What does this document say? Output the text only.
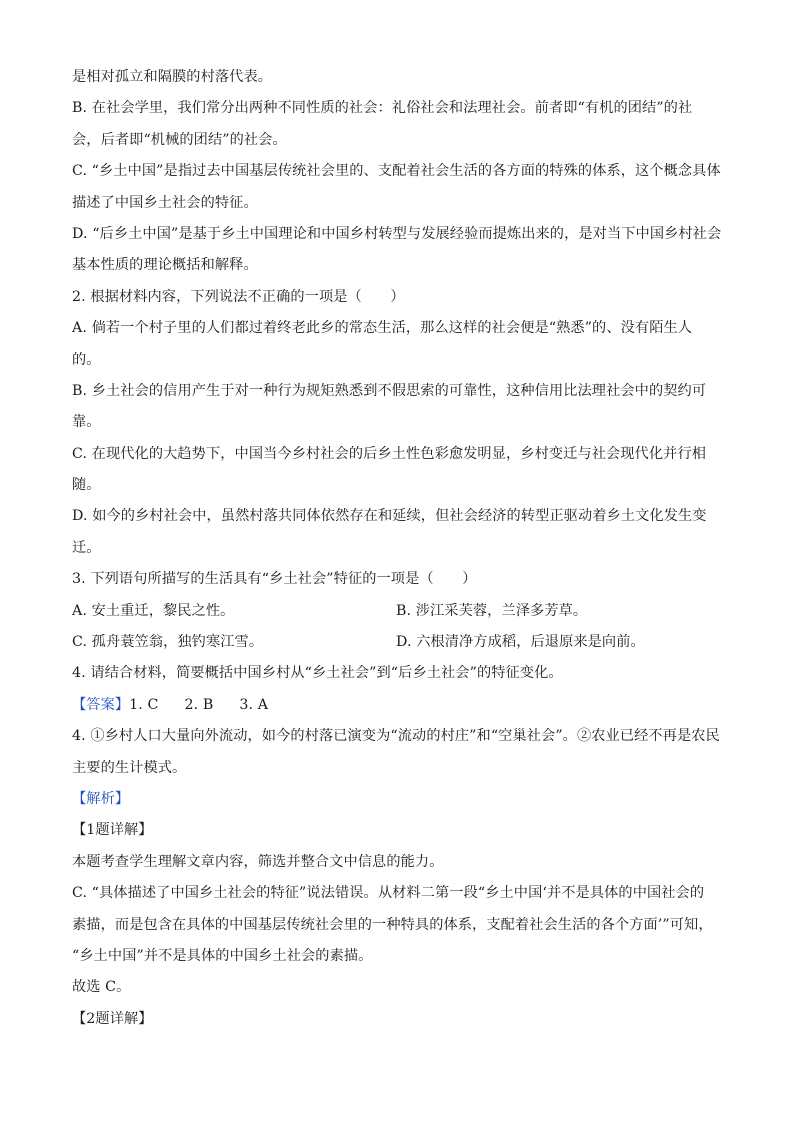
是相对孤立和隔膜的村落代表。
B. 在社会学里，我们常分出两种不同性质的社会：礼俗社会和法理社会。前者即“有机的团结”的社
会，后者即“机械的团结”的社会。
C. “乡土中国”是指过去中国基层传统社会里的、支配着社会生活的各方面的特殊的体系，这个概念具体
描述了中国乡土社会的特征。
D. “后乡土中国”是基于乡土中国理论和中国乡村转型与发展经验而提炼出来的，是对当下中国乡村社会
基本性质的理论概括和解释。
2. 根据材料内容，下列说法不正确的一项是（　　）
A. 倘若一个村子里的人们都过着终老此乡的常态生活，那么这样的社会便是“熟悉”的、没有陌生人
的。
B. 乡土社会的信用产生于对一种行为规矩熟悉到不假思索的可靠性，这种信用比法理社会中的契约可
靠。
C. 在现代化的大趋势下，中国当今乡村社会的后乡土性色彩愈发明显，乡村变迁与社会现代化并行相
随。
D. 如今的乡村社会中，虽然村落共同体依然存在和延续，但社会经济的转型正驱动着乡土文化发生变
迁。
3. 下列语句所描写的生活具有“乡土社会”特征的一项是（　　）
A. 安土重迁，黎民之性。	B. 涉江采芙蓉，兰泽多芳草。
C. 孤舟蓑笠翁，独钓寒江雪。	D. 六根清净方成稻，后退原来是向前。
4. 请结合材料，简要概括中国乡村从“乡土社会”到“后乡土社会”的特征变化。
【答案】1. C 2. B 3. A
4. ①乡村人口大量向外流动，如今的村落已演变为“流动的村庄”和“空巢社会”。②农业已经不再是农民
主要的生计模式。
【解析】
【1题详解】
本题考查学生理解文章内容，筛选并整合文中信息的能力。
C. “具体描述了中国乡土社会的特征”说法错误。从材料二第一段“乡土中国‘并不是具体的中国社会的
素描，而是包含在具体的中国基层传统社会里的一种特具的体系，支配着社会生活的各个方面’”可知，
“乡土中国”并不是具体的中国乡土社会的素描。
故选 C。
【2题详解】
